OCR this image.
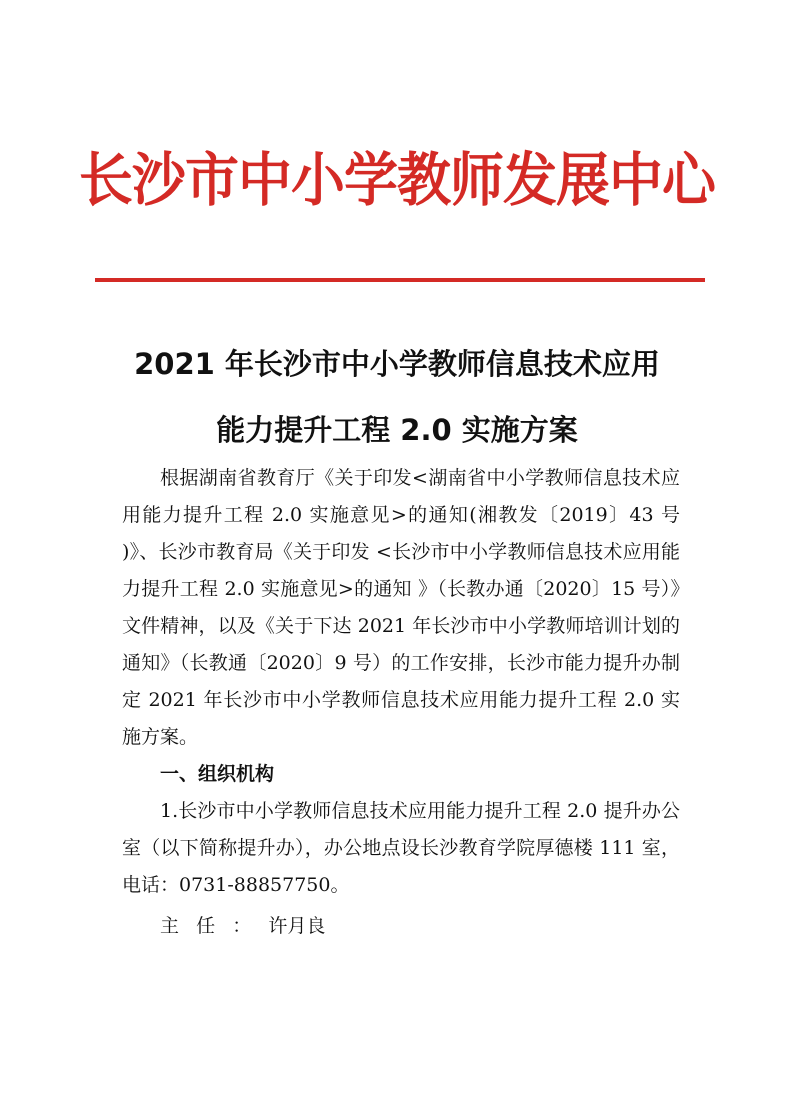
长沙市中小学教师发展中心
2021 年长沙市中小学教师信息技术应用
能力提升工程 2.0 实施方案

根据湖南省教育厅《关于印发<湖南省中小学教师信息技术应用能力提升工程 2.0 实施意见>的通知(湘教发〔2019〕43 号 )》、长沙市教育局《关于印发 <长沙市中小学教师信息技术应用能力提升工程 2.0 实施意见>的通知 》（长教办通〔2020〕15 号）》文件精神，以及《关于下达 2021 年长沙市中小学教师培训计划的通知》（长教通〔2020〕9 号）的工作安排，长沙市能力提升办制定 2021 年长沙市中小学教师信息技术应用能力提升工程 2.0 实施方案。

一、组织机构

1.长沙市中小学教师信息技术应用能力提升工程 2.0 提升办公室（以下简称提升办），办公地点设长沙教育学院厚德楼 111 室，电话：0731-88857750。

主任：许月良
